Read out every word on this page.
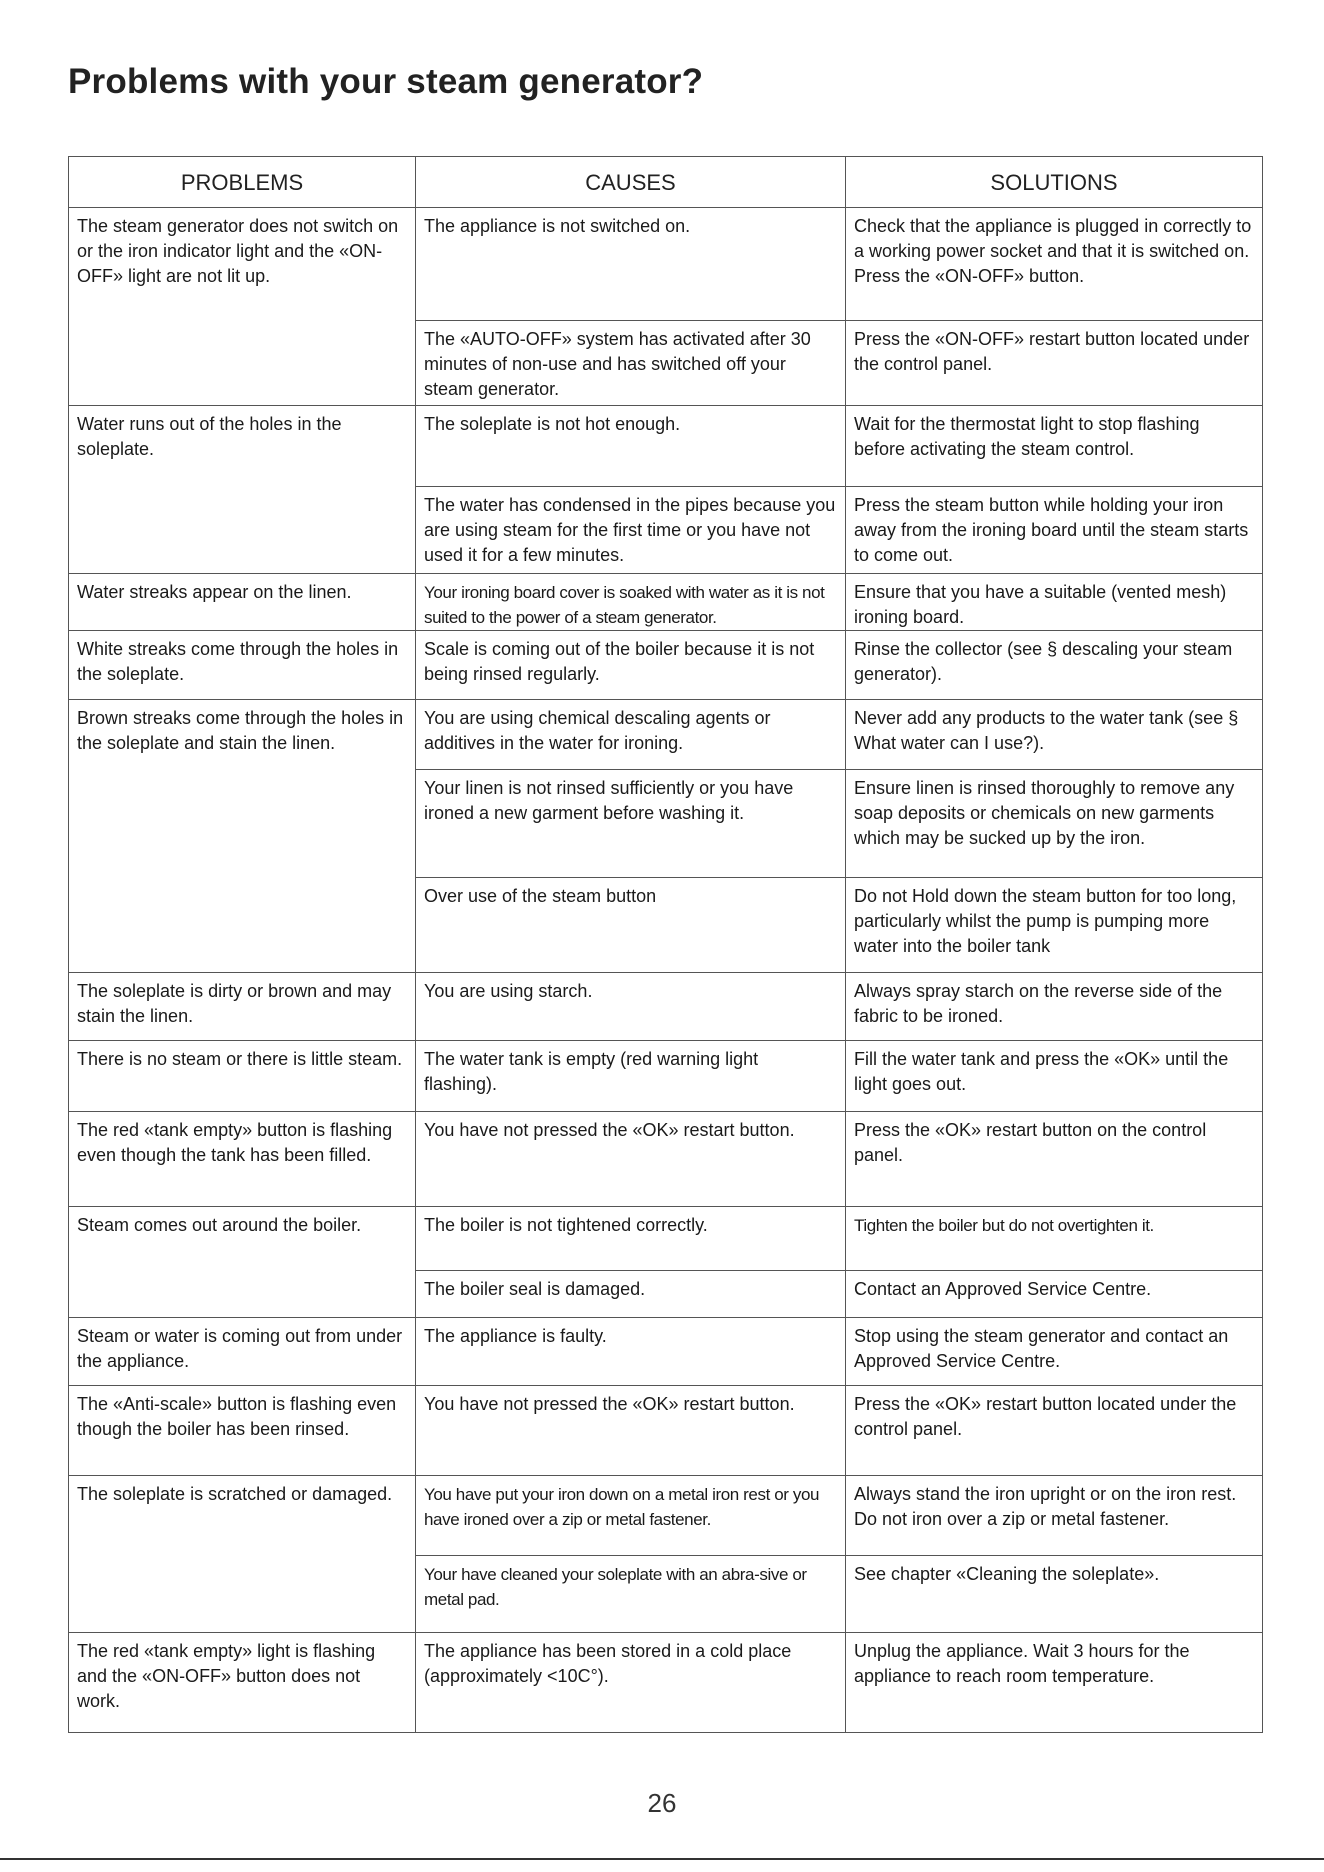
Problems with your steam generator?
PROBLEMS	CAUSES	SOLUTIONS
The steam generator does not switch on or the iron indicator light and the «ON-OFF» light are not lit up.	The appliance is not switched on.	Check that the appliance is plugged in correctly to a working power socket and that it is switched on. Press the «ON-OFF» button.
	The «AUTO-OFF» system has activated after 30 minutes of non-use and has switched off your steam generator.	Press the «ON-OFF» restart button located under the control panel.
Water runs out of the holes in the soleplate.	The soleplate is not hot enough.	Wait for the thermostat light to stop flashing before activating the steam control.
	The water has condensed in the pipes because you are using steam for the first time or you have not used it for a few minutes.	Press the steam button while holding your iron away from the ironing board until the steam starts to come out.
Water streaks appear on the linen.	Your ironing board cover is soaked with water as it is not suited to the power of a steam generator.	Ensure that you have a suitable (vented mesh) ironing board.
White streaks come through the holes in the soleplate.	Scale is coming out of the boiler because it is not being rinsed regularly.	Rinse the collector (see § descaling your steam generator).
Brown streaks come through the holes in the soleplate and stain the linen.	You are using chemical descaling agents or additives in the water for ironing.	Never add any products to the water tank (see § What water can I use?).
	Your linen is not rinsed sufficiently or you have ironed a new garment before washing it.	Ensure linen is rinsed thoroughly to remove any soap deposits or chemicals on new garments which may be sucked up by the iron.
	Over use of the steam button	Do not Hold down the steam button for too long, particularly whilst the pump is pumping more water into the boiler tank
The soleplate is dirty or brown and may stain the linen.	You are using starch.	Always spray starch on the reverse side of the fabric to be ironed.
There is no steam or there is little steam.	The water tank is empty (red warning light flashing).	Fill the water tank and press the «OK» until the light goes out.
The red «tank empty» button is flashing even though the tank has been filled.	You have not pressed the «OK» restart button.	Press the «OK» restart button on the control panel.
Steam comes out around the boiler.	The boiler is not tightened correctly.	Tighten the boiler but do not overtighten it.
	The boiler seal is damaged.	Contact an Approved Service Centre.
Steam or water is coming out from under the appliance.	The appliance is faulty.	Stop using the steam generator and contact an Approved Service Centre.
The «Anti-scale» button is flashing even though the boiler has been rinsed.	You have not pressed the «OK» restart button.	Press the «OK» restart button located under the control panel.
The soleplate is scratched or damaged.	You have put your iron down on a metal iron rest or you have ironed over a zip or metal fastener.	Always stand the iron upright or on the iron rest. Do not iron over a zip or metal fastener.
	Your have cleaned your soleplate with an abra-sive or metal pad.	See chapter «Cleaning the soleplate».
The red «tank empty» light is flashing and the «ON-OFF» button does not work.	The appliance has been stored in a cold place (approximately <10C°).	Unplug the appliance. Wait 3 hours for the appliance to reach room temperature.
26
